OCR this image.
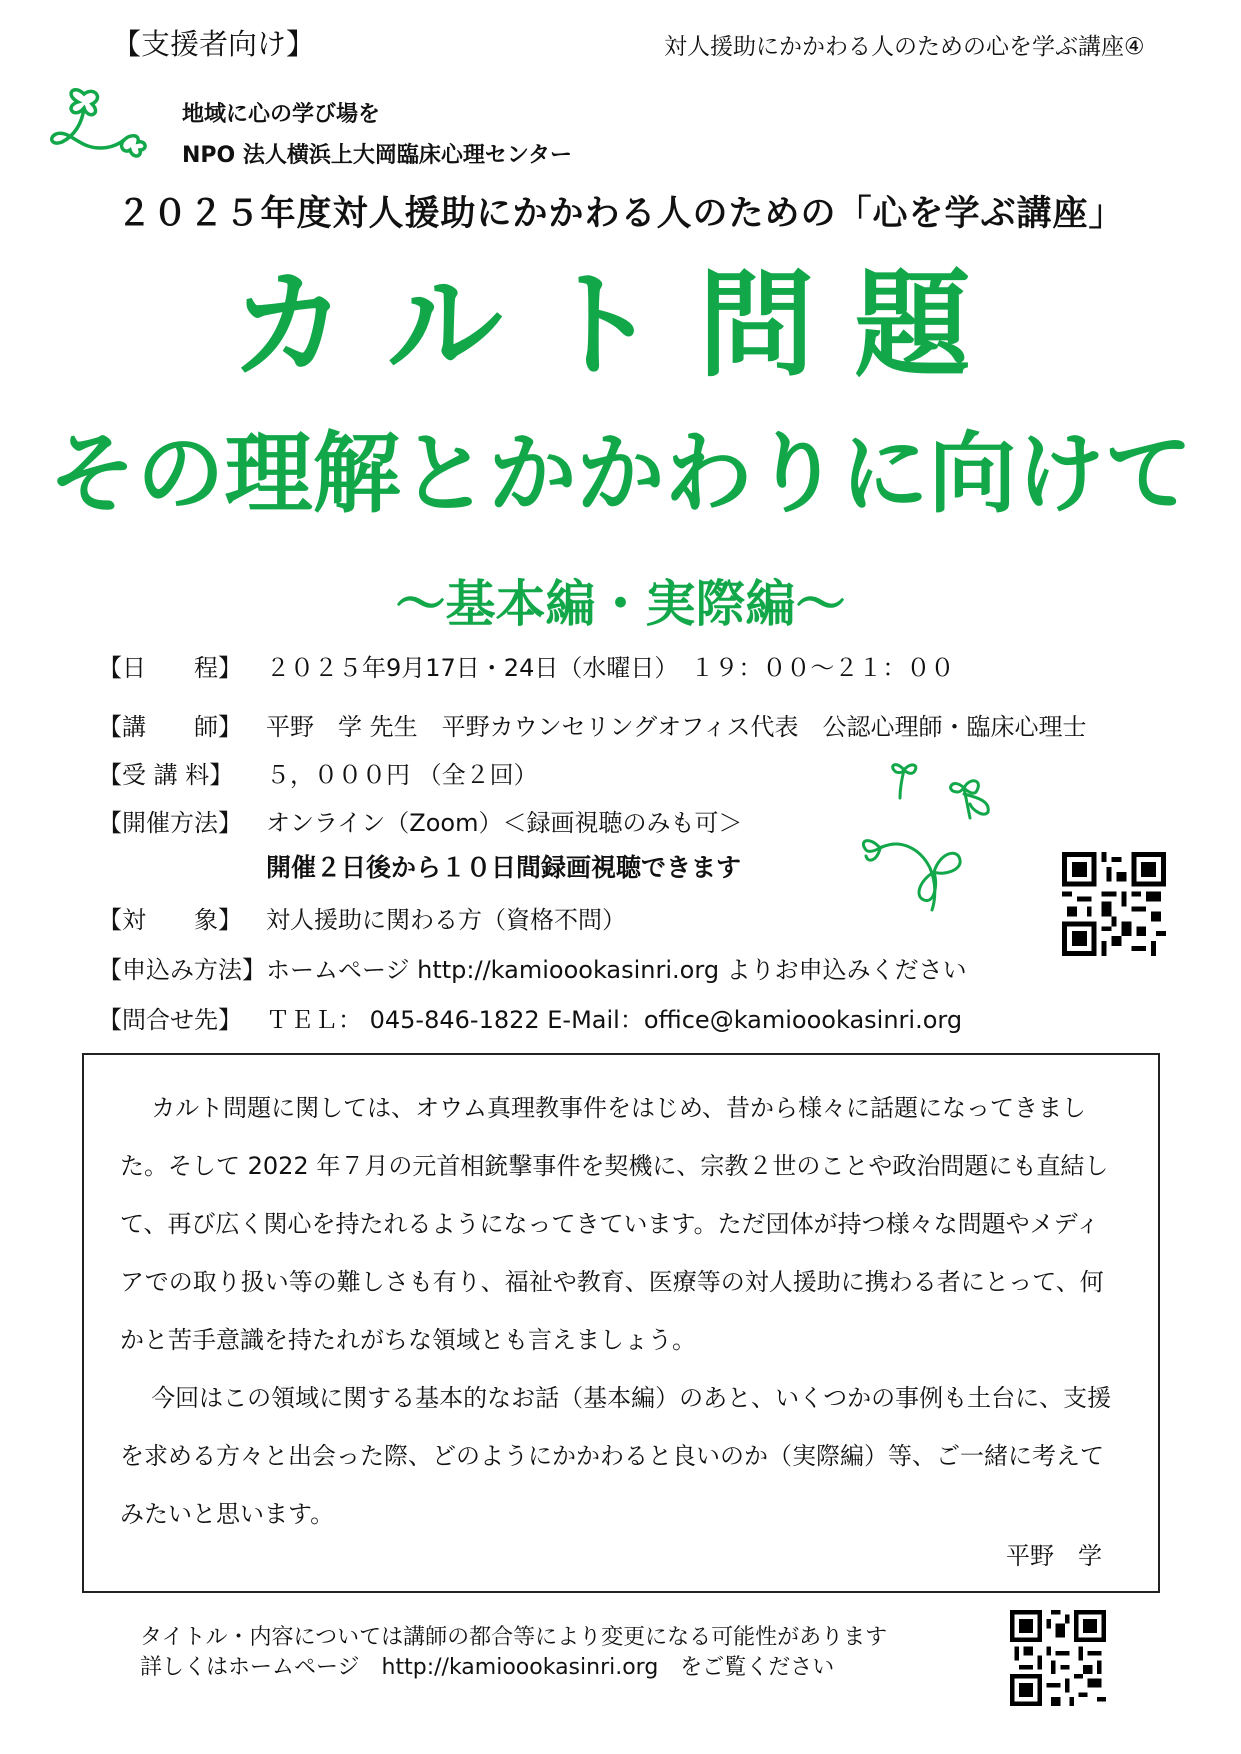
【支援者向け】	対人援助にかかわる人のための心を学ぶ講座④
地域に心の学び場を
NPO 法人横浜上大岡臨床心理センター
２０２５年度対人援助にかかわる人のための「心を学ぶ講座」
カルト問題
その理解とかかわりに向けて
～基本編・実際編～
【日　　程】	２０２５年9月17日・24日（水曜日）　１９：００～２１：００
【講　　師】	平野　学 先生　平野カウンセリングオフィス代表　公認心理師・臨床心理士
【受 講 料】	５，０００円 （全２回）
【開催方法】	オンライン（Zoom）＜録画視聴のみも可＞
開催２日後から１０日間録画視聴できます
【対　　象】	対人援助に関わる方（資格不問）
【申込み方法】 ホームページ http://kamioookasinri.org よりお申込みください
【問合せ先】	ＴＥＬ： 045-846-1822 E-Mail：office@kamioookasinri.org
カルト問題に関しては、オウム真理教事件をはじめ、昔から様々に話題になってきました。そして 2022 年７月の元首相銃撃事件を契機に、宗教２世のことや政治問題にも直結して、再び広く関心を持たれるようになってきています。ただ団体が持つ様々な問題やメディアでの取り扱い等の難しさも有り、福祉や教育、医療等の対人援助に携わる者にとって、何かと苦手意識を持たれがちな領域とも言えましょう。
今回はこの領域に関する基本的なお話（基本編）のあと、いくつかの事例も土台に、支援を求める方々と出会った際、どのようにかかわると良いのか（実際編）等、ご一緒に考えてみたいと思います。
平野　学
タイトル・内容については講師の都合等により変更になる可能性があります
詳しくはホームページ　http://kamioookasinri.org　をご覧ください
